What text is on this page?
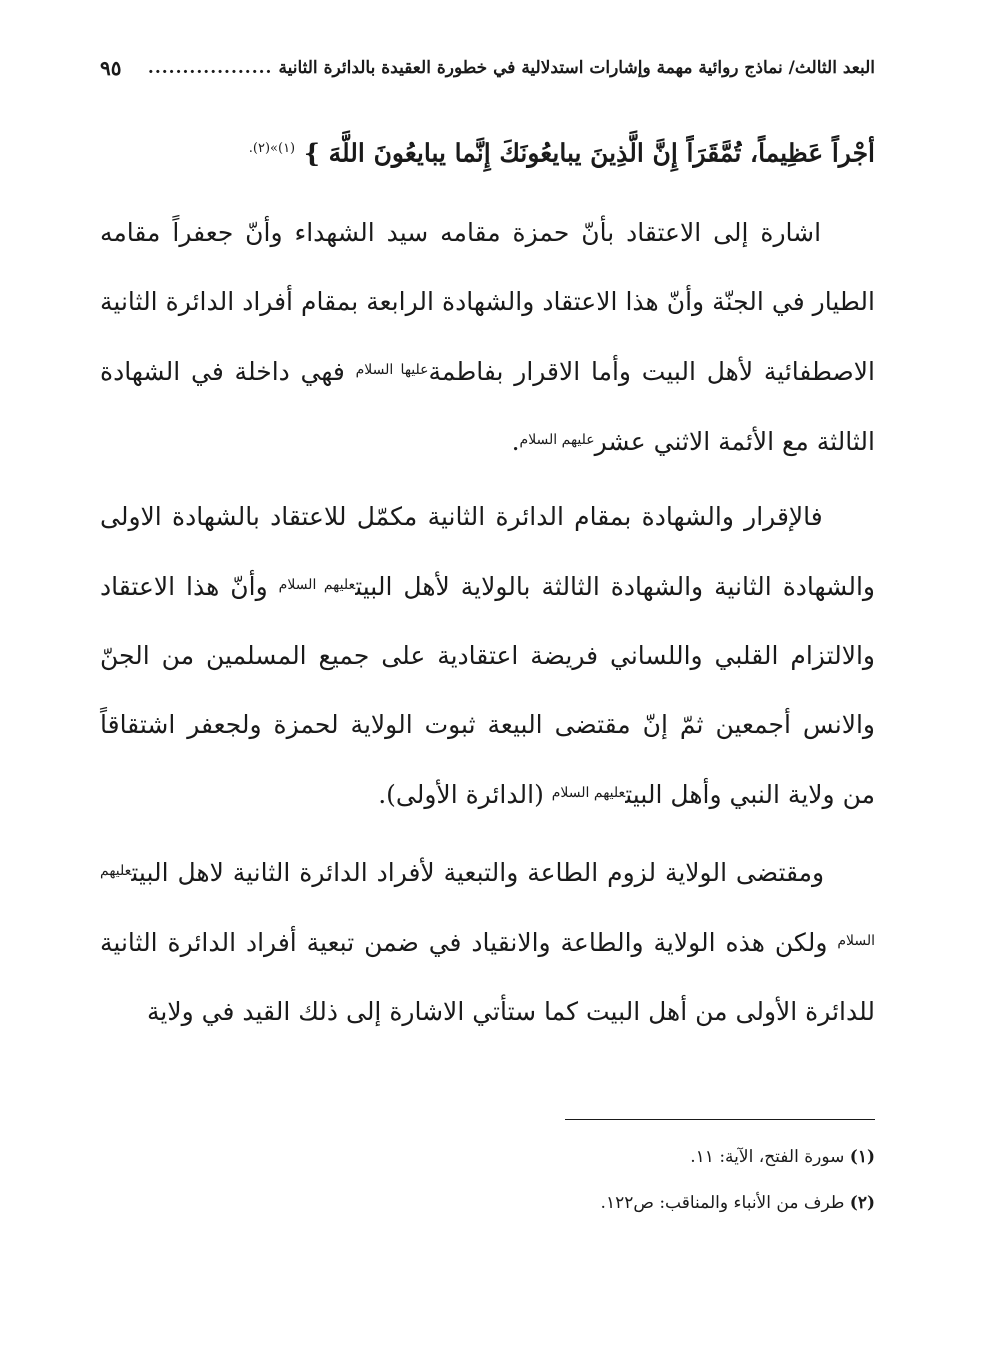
البعد الثالث/ نماذج روائية مهمة وإشارات استدلالية في خطورة العقيدة بالدائرة الثانية
..................
٩٥
أجْراً عَظِيماً، تُمَّقَرَاً إِنَّ الَّذِينَ يبايعُونَكَ إِنَّما يبايعُونَ اللَّهَ } $^{(١)»(٢).}$

اشارة إلى الاعتقاد بأنّ حمزة مقامه سيد الشهداء وأنّ جعفراً مقامه الطيار في الجنّة وأنّ هذا الاعتقاد والشهادة الرابعة بمقام أفراد الدائرة الثانية الاصطفائية لأهل البيت وأما الاقرار بفاطمة$^{عليها السلام}$ فهي داخلة في الشهادة الثالثة مع الأئمة الاثني عشر$^{عليهم السلام}$.

فالإقرار والشهادة بمقام الدائرة الثانية مكمّل للاعتقاد بالشهادة الاولى والشهادة الثانية والشهادة الثالثة بالولاية لأهل البيت$^{عليهم السلام}$ وأنّ هذا الاعتقاد والالتزام القلبي واللساني فريضة اعتقادية على جميع المسلمين من الجنّ والانس أجمعين ثمّ إنّ مقتضى البيعة ثبوت الولاية لحمزة ولجعفر اشتقاقاً من ولاية النبي وأهل البيت$^{عليهم السلام}$ (الدائرة الأولى).

ومقتضى الولاية لزوم الطاعة والتبعية لأفراد الدائرة الثانية لاهل البيت$^{عليهم السلام}$ ولكن هذه الولاية والطاعة والانقياد في ضمن تبعية أفراد الدائرة الثانية للدائرة الأولى من أهل البيت كما ستأتي الاشارة إلى ذلك القيد في ولاية

(١) سورة الفتح، الآية: ١١.
(٢) طرف من الأنباء والمناقب: ص١٢٢.
